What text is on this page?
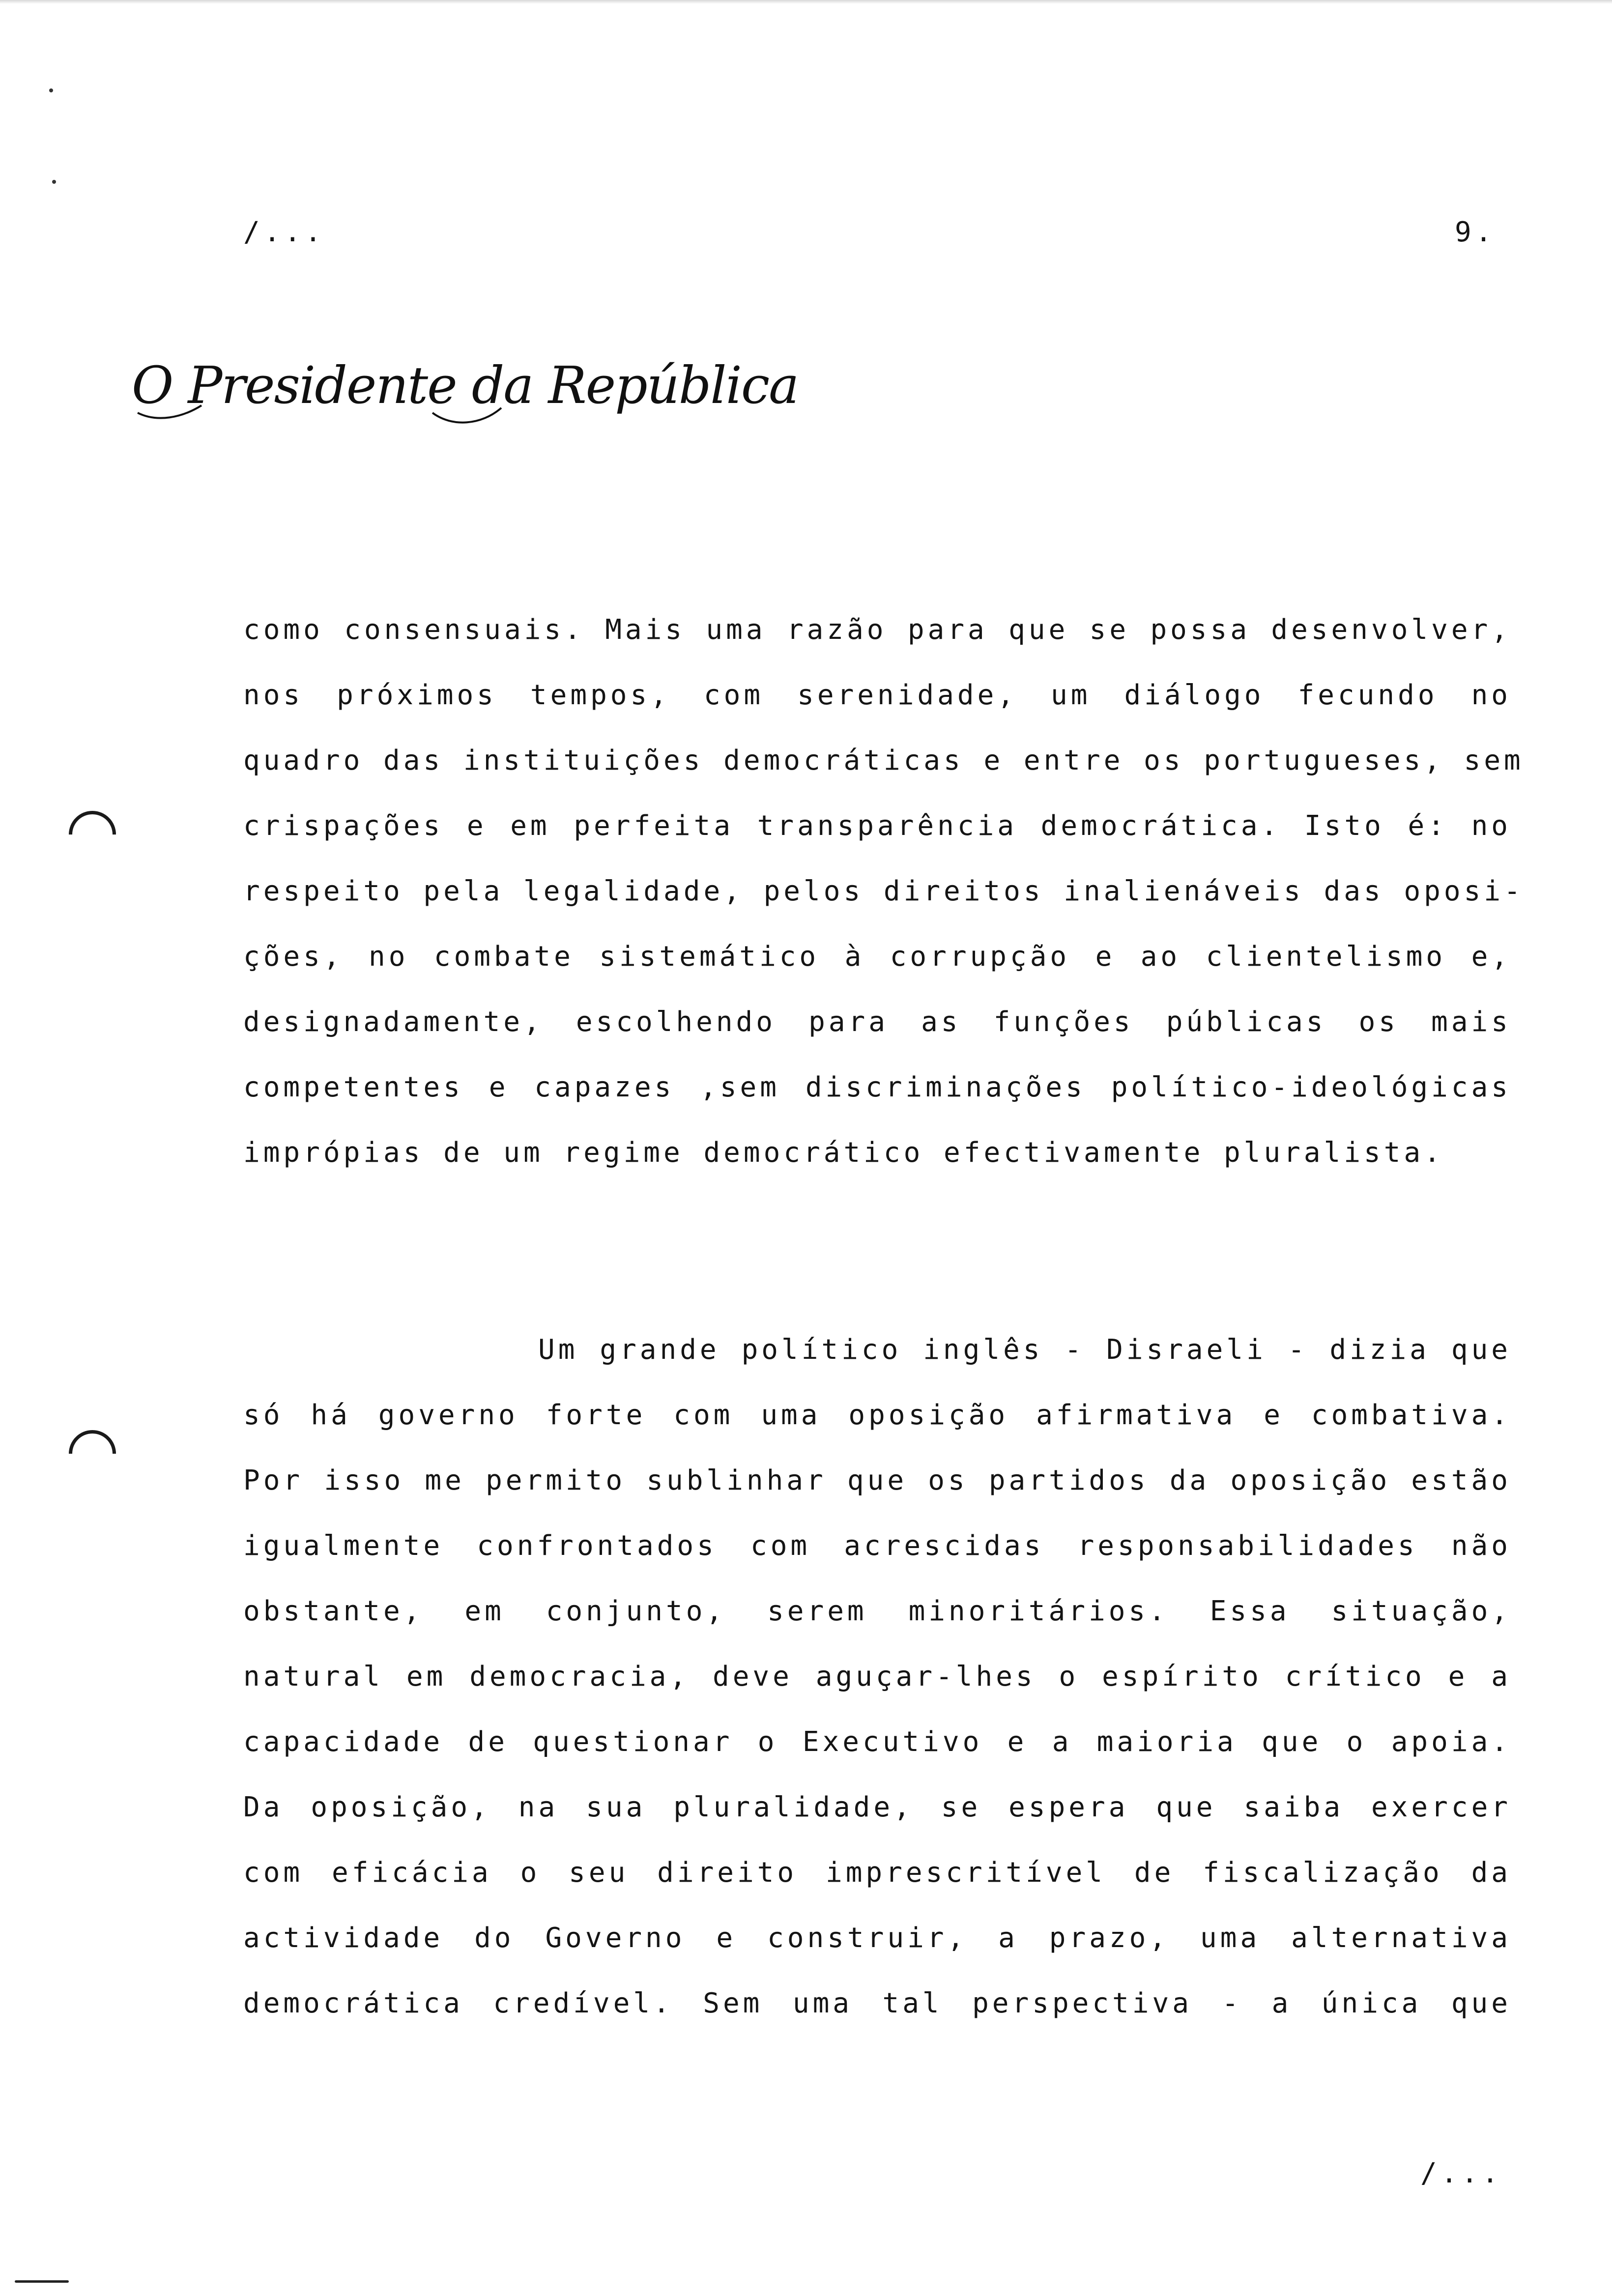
/...	9.
O Presidente da República
como consensuais. Mais uma razão para que se possa desenvolver,
nos próximos tempos, com serenidade, um diálogo fecundo no
quadro das instituições democráticas e entre os portugueses, sem
crispações e em perfeita transparência democrática. Isto é: no
respeito pela legalidade, pelos direitos inalienáveis das oposi-
ções, no combate sistemático à corrupção e ao clientelismo e,
designadamente, escolhendo para as funções públicas os mais
competentes e capazes ,sem discriminações político-ideológicas
imprópias de um regime democrático efectivamente pluralista.
Um grande político inglês - Disraeli - dizia que
só há governo forte com uma oposição afirmativa e combativa.
Por isso me permito sublinhar que os partidos da oposição estão
igualmente confrontados com acrescidas responsabilidades não
obstante, em conjunto, serem minoritários. Essa situação,
natural em democracia, deve aguçar-lhes o espírito crítico e a
capacidade de questionar o Executivo e a maioria que o apoia.
Da oposição, na sua pluralidade, se espera que saiba exercer
com eficácia o seu direito imprescritível de fiscalização da
actividade do Governo e construir, a prazo, uma alternativa
democrática credível. Sem uma tal perspectiva - a única que
/...
